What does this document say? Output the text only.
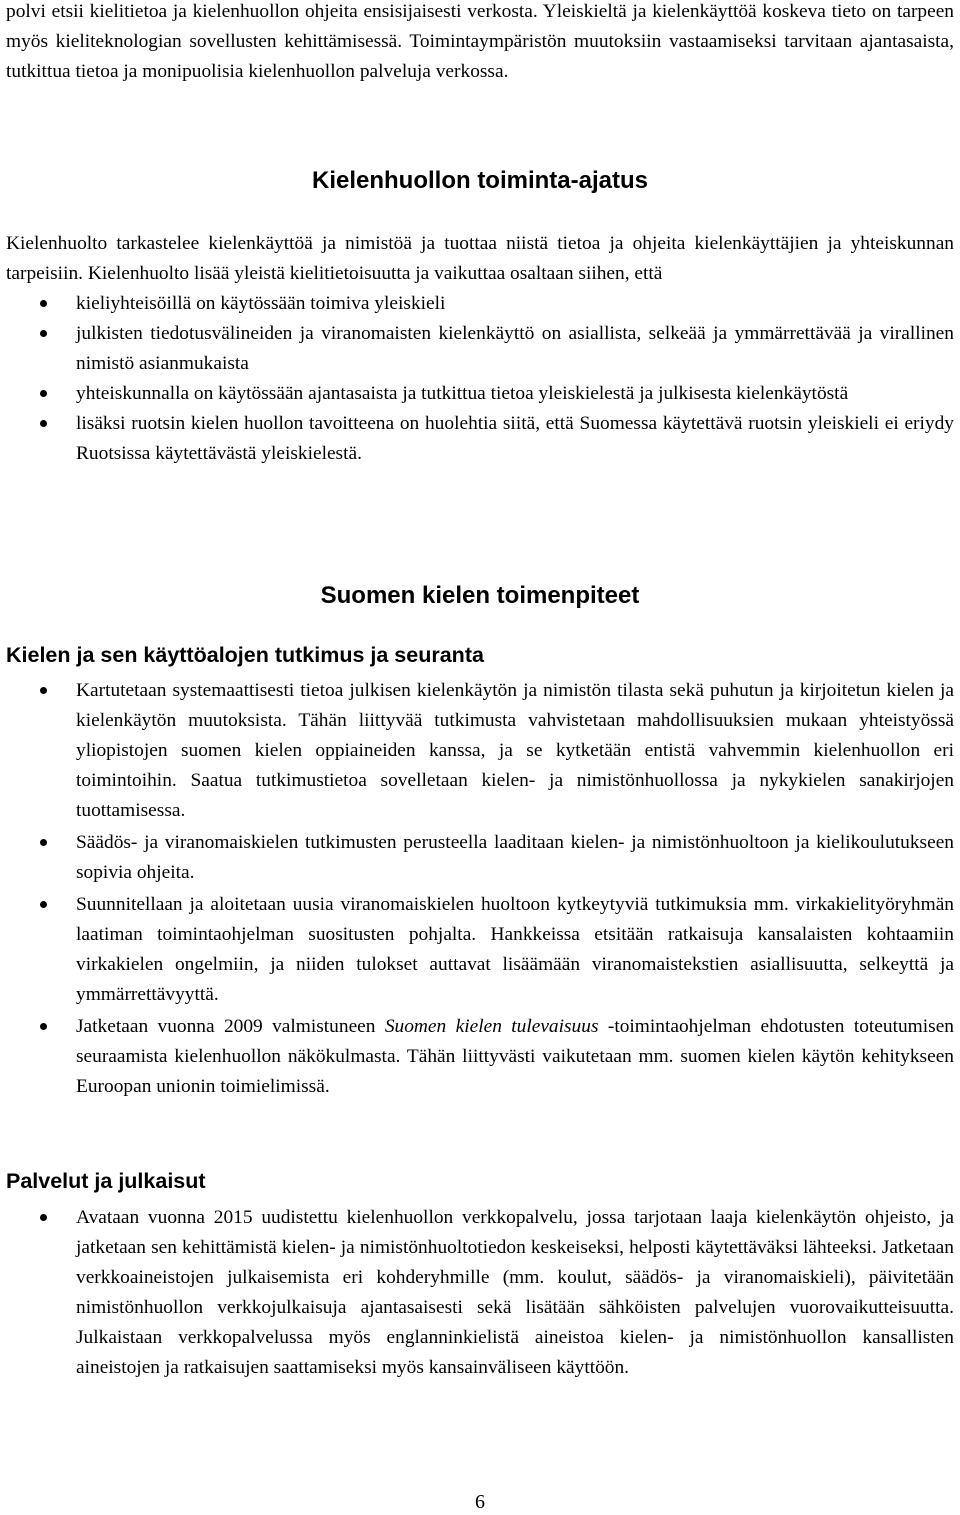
polvi etsii kielitietoa ja kielenhuollon ohjeita ensisijaisesti verkosta. Yleiskieltä ja kielenkäyttöä koskeva tieto on tarpeen myös kieliteknologian sovellusten kehittämisessä. Toimintaympäristön muutoksiin vastaamiseksi tarvitaan ajantasaista, tutkittua tietoa ja monipuolisia kielenhuollon palveluja verkossa.

Kielenhuollon toiminta-ajatus

Kielenhuolto tarkastelee kielenkäyttöä ja nimistöä ja tuottaa niistä tietoa ja ohjeita kielenkäyttäjien ja yhteiskunnan tarpeisiin. Kielenhuolto lisää yleistä kielitietoisuutta ja vaikuttaa osaltaan siihen, että

kieliyhteisöillä on käytössään toimiva yleiskieli
julkisten tiedotusvälineiden ja viranomaisten kielenkäyttö on asiallista, selkeää ja ymmärrettävää ja virallinen nimistö asianmukaista
yhteiskunnalla on käytössään ajantasaista ja tutkittua tietoa yleiskielestä ja julkisesta kielenkäytöstä
lisäksi ruotsin kielen huollon tavoitteena on huolehtia siitä, että Suomessa käytettävä ruotsin yleiskieli ei eriydy Ruotsissa käytettävästä yleiskielestä.
Suomen kielen toimenpiteet
Kielen ja sen käyttöalojen tutkimus ja seuranta
Kartutetaan systemaattisesti tietoa julkisen kielenkäytön ja nimistön tilasta sekä puhutun ja kirjoitetun kielen ja kielenkäytön muutoksista. Tähän liittyvää tutkimusta vahvistetaan mahdollisuuksien mukaan yhteistyössä yliopistojen suomen kielen oppiaineiden kanssa, ja se kytketään entistä vahvemmin kielenhuollon eri toimintoihin. Saatua tutkimustietoa sovelletaan kielen- ja nimistönhuollossa ja nykykielen sanakirjojen tuottamisessa.
Säädös- ja viranomaiskielen tutkimusten perusteella laaditaan kielen- ja nimistönhuoltoon ja kielikoulutukseen sopivia ohjeita.
Suunnitellaan ja aloitetaan uusia viranomaiskielen huoltoon kytkeytyviä tutkimuksia mm. virkakielityöryhmän laatiman toimintaohjelman suositusten pohjalta. Hankkeissa etsitään ratkaisuja kansalaisten kohtaamiin virkakielen ongelmiin, ja niiden tulokset auttavat lisäämään viranomaistekstien asiallisuutta, selkeyttä ja ymmärrettävyyttä.
Jatketaan vuonna 2009 valmistuneen Suomen kielen tulevaisuus -toimintaohjelman ehdotusten toteutumisen seuraamista kielenhuollon näkökulmasta. Tähän liittyvästi vaikutetaan mm. suomen kielen käytön kehitykseen Euroopan unionin toimielimissä.
Palvelut ja julkaisut
Avataan vuonna 2015 uudistettu kielenhuollon verkkopalvelu, jossa tarjotaan laaja kielenkäytön ohjeisto, ja jatketaan sen kehittämistä kielen- ja nimistönhuoltotiedon keskeiseksi, helposti käytettäväksi lähteeksi. Jatketaan verkkoaineistojen julkaisemista eri kohderyhmille (mm. koulut, säädös- ja viranomaiskieli), päivitetään nimistönhuollon verkkojulkaisuja ajantasaisesti sekä lisätään sähköisten palvelujen vuorovaikutteisuutta. Julkaistaan verkkopalvelussa myös englanninkielistä aineistoa kielen- ja nimistönhuollon kansallisten aineistojen ja ratkaisujen saattamiseksi myös kansainväliseen käyttöön.
6
